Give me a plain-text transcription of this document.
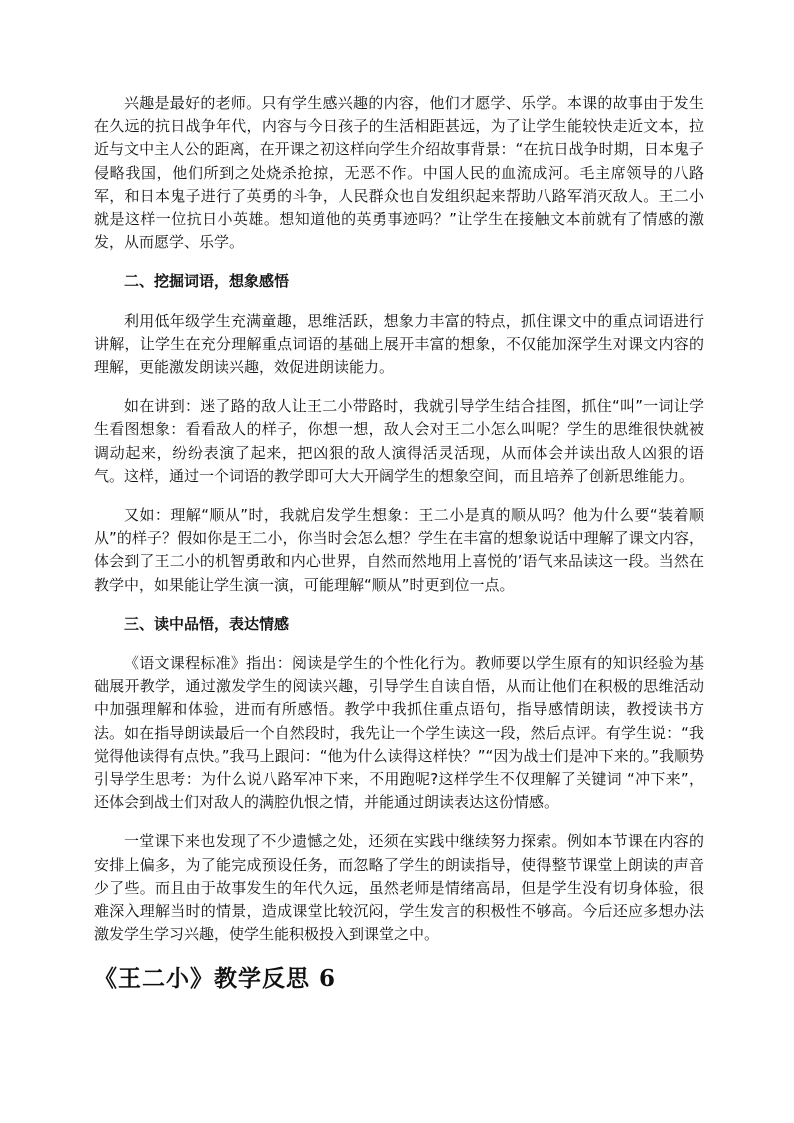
兴趣是最好的老师。只有学生感兴趣的内容，他们才愿学、乐学。本课的故事由于发生在久远的抗日战争年代，内容与今日孩子的生活相距甚远，为了让学生能较快走近文本，拉近与文中主人公的距离，在开课之初这样向学生介绍故事背景：“在抗日战争时期，日本鬼子侵略我国，他们所到之处烧杀抢掠，无恶不作。中国人民的血流成河。毛主席领导的八路军，和日本鬼子进行了英勇的斗争，人民群众也自发组织起来帮助八路军消灭敌人。王二小就是这样一位抗日小英雄。想知道他的英勇事迹吗？”让学生在接触文本前就有了情感的激发，从而愿学、乐学。

二、挖掘词语，想象感悟

利用低年级学生充满童趣，思维活跃，想象力丰富的特点，抓住课文中的重点词语进行讲解，让学生在充分理解重点词语的基础上展开丰富的想象，不仅能加深学生对课文内容的理解，更能激发朗读兴趣，效促进朗读能力。

如在讲到：迷了路的敌人让王二小带路时，我就引导学生结合挂图，抓住“叫”一词让学生看图想象：看看敌人的样子，你想一想，敌人会对王二小怎么叫呢？学生的思维很快就被调动起来，纷纷表演了起来，把凶狠的敌人演得活灵活现，从而体会并读出敌人凶狠的语气。这样，通过一个词语的教学即可大大开阔学生的想象空间，而且培养了创新思维能力。

又如：理解“顺从”时，我就启发学生想象：王二小是真的顺从吗？他为什么要“装着顺从”的样子？假如你是王二小，你当时会怎么想？学生在丰富的想象说话中理解了课文内容，体会到了王二小的机智勇敢和内心世界，自然而然地用上喜悦的’语气来品读这一段。当然在教学中，如果能让学生演一演，可能理解“顺从”时更到位一点。

三、读中品悟，表达情感

《语文课程标准》指出：阅读是学生的个性化行为。教师要以学生原有的知识经验为基础展开教学，通过激发学生的阅读兴趣，引导学生自读自悟，从而让他们在积极的思维活动中加强理解和体验，进而有所感悟。教学中我抓住重点语句，指导感情朗读，教授读书方法。如在指导朗读最后一个自然段时，我先让一个学生读这一段，然后点评。有学生说：“我觉得他读得有点快。”我马上跟问：“他为什么读得这样快？”“因为战士们是冲下来的。”我顺势引导学生思考：为什么说八路军冲下来，不用跑呢?这样学生不仅理解了关键词 “冲下来”，还体会到战士们对敌人的满腔仇恨之情，并能通过朗读表达这份情感。

一堂课下来也发现了不少遗憾之处，还须在实践中继续努力探索。例如本节课在内容的安排上偏多，为了能完成预设任务，而忽略了学生的朗读指导，使得整节课堂上朗读的声音少了些。而且由于故事发生的年代久远，虽然老师是情绪高昂，但是学生没有切身体验，很难深入理解当时的情景，造成课堂比较沉闷，学生发言的积极性不够高。今后还应多想办法激发学生学习兴趣，使学生能积极投入到课堂之中。

《王二小》教学反思 6
